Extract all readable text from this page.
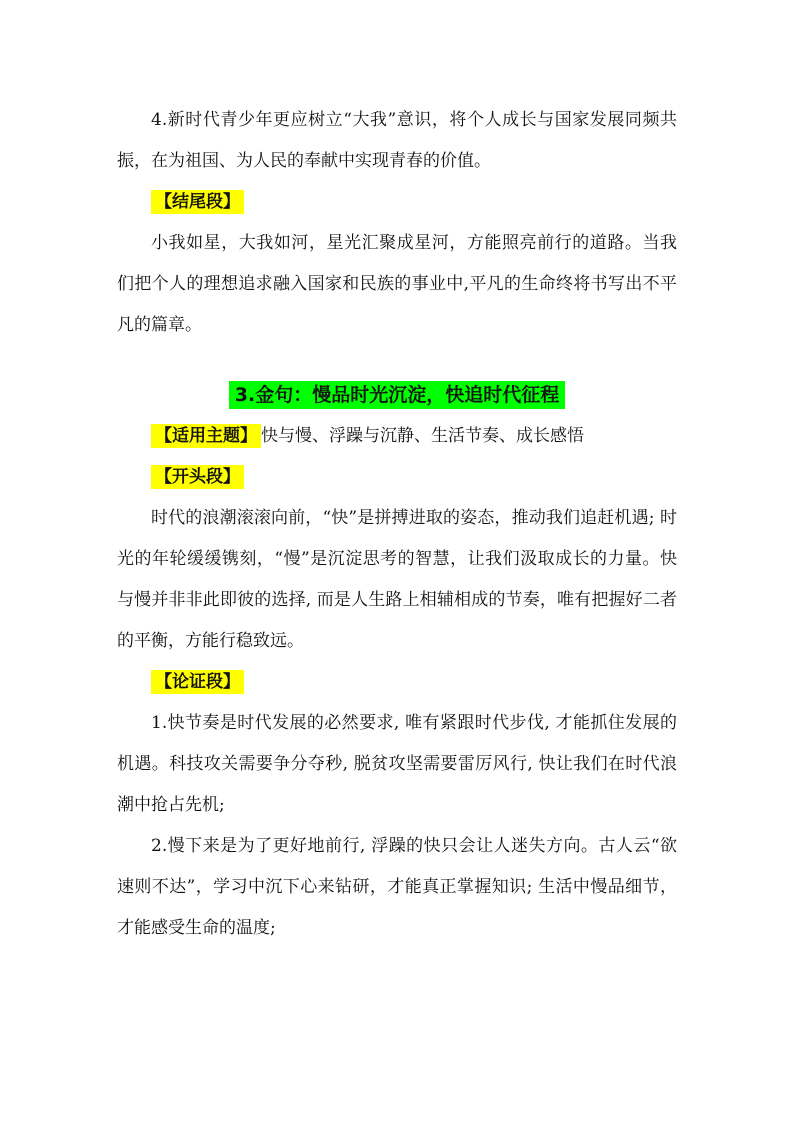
4.新时代青少年更应树立“大我”意识，将个人成长与国家发展同频共振，在为祖国、为人民的奉献中实现青春的价值。

【结尾段】

小我如星，大我如河，星光汇聚成星河，方能照亮前行的道路。当我们把个人的理想追求融入国家和民族的事业中,平凡的生命终将书写出不平凡的篇章。

3.金句：慢品时光沉淀，快追时代征程
【适用主题】 快与慢、浮躁与沉静、生活节奏、成长感悟
【开头段】

时代的浪潮滚滚向前，“快”是拼搏进取的姿态，推动我们追赶机遇; 时光的年轮缓缓镌刻，“慢”是沉淀思考的智慧，让我们汲取成长的力量。快与慢并非非此即彼的选择, 而是人生路上相辅相成的节奏，唯有把握好二者的平衡，方能行稳致远。

【论证段】

1.快节奏是时代发展的必然要求, 唯有紧跟时代步伐, 才能抓住发展的机遇。科技攻关需要争分夺秒, 脱贫攻坚需要雷厉风行, 快让我们在时代浪潮中抢占先机;

2.慢下来是为了更好地前行, 浮躁的快只会让人迷失方向。古人云“欲速则不达”，学习中沉下心来钻研，才能真正掌握知识; 生活中慢品细节，才能感受生命的温度;
